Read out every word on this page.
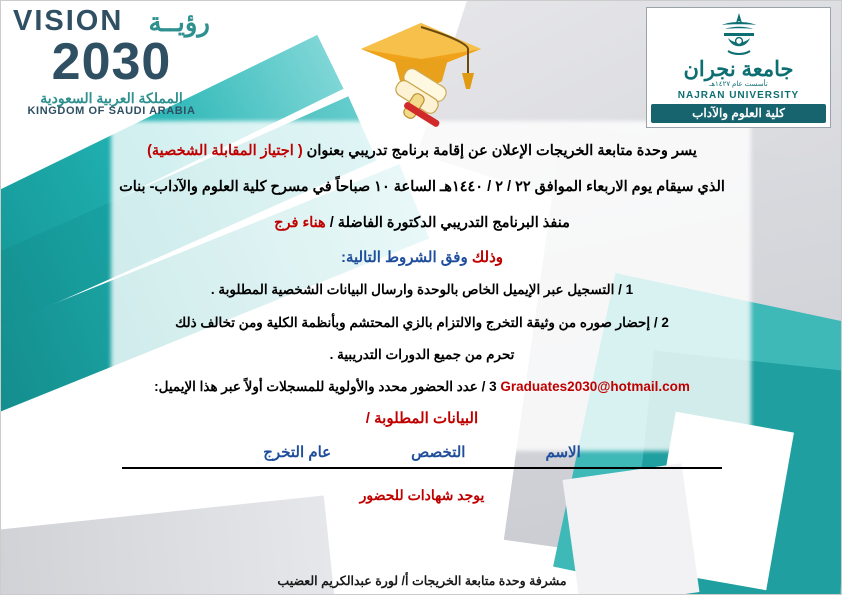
VISION رؤيــة
2030
المملكة العربية السعودية
KINGDOM OF SAUDI ARABIA
جامعة نجران
تأسست عام ١٤٢٧هـ
NAJRAN UNIVERSITY
كلية العلوم والآداب

يسر وحدة متابعة الخريجات الإعلان عن إقامة برنامج تدريبي بعنوان ( اجتياز المقابلة الشخصية)

الذي سيقام يوم الاربعاء الموافق ٢٢ / ٢ / ١٤٤٠هـ الساعة ١٠ صباحاً في مسرح كلية العلوم والآداب- بنات

منفذ البرنامج التدريبي الدكتورة الفاضلة / هناء فرج

وذلك وفق الشروط التالية:

1 / التسجيل عبر الإيميل الخاص بالوحدة وارسال البيانات الشخصية المطلوبة .

2 / إحضار صوره من وثيقة التخرج والالتزام بالزي المحتشم وبأنظمة الكلية ومن تخالف ذلك

تحرم من جميع الدورات التدريبية .

Graduates2030@hotmail.com 3 / عدد الحضور محدد والأولوية للمسجلات أولاً عبر هذا الإيميل:

البيانات المطلوبة /

الاسم
التخصص
عام التخرج

يوجد شهادات للحضور

مشرفة وحدة متابعة الخريجات أ/ لورة عبدالكريم العضيب
